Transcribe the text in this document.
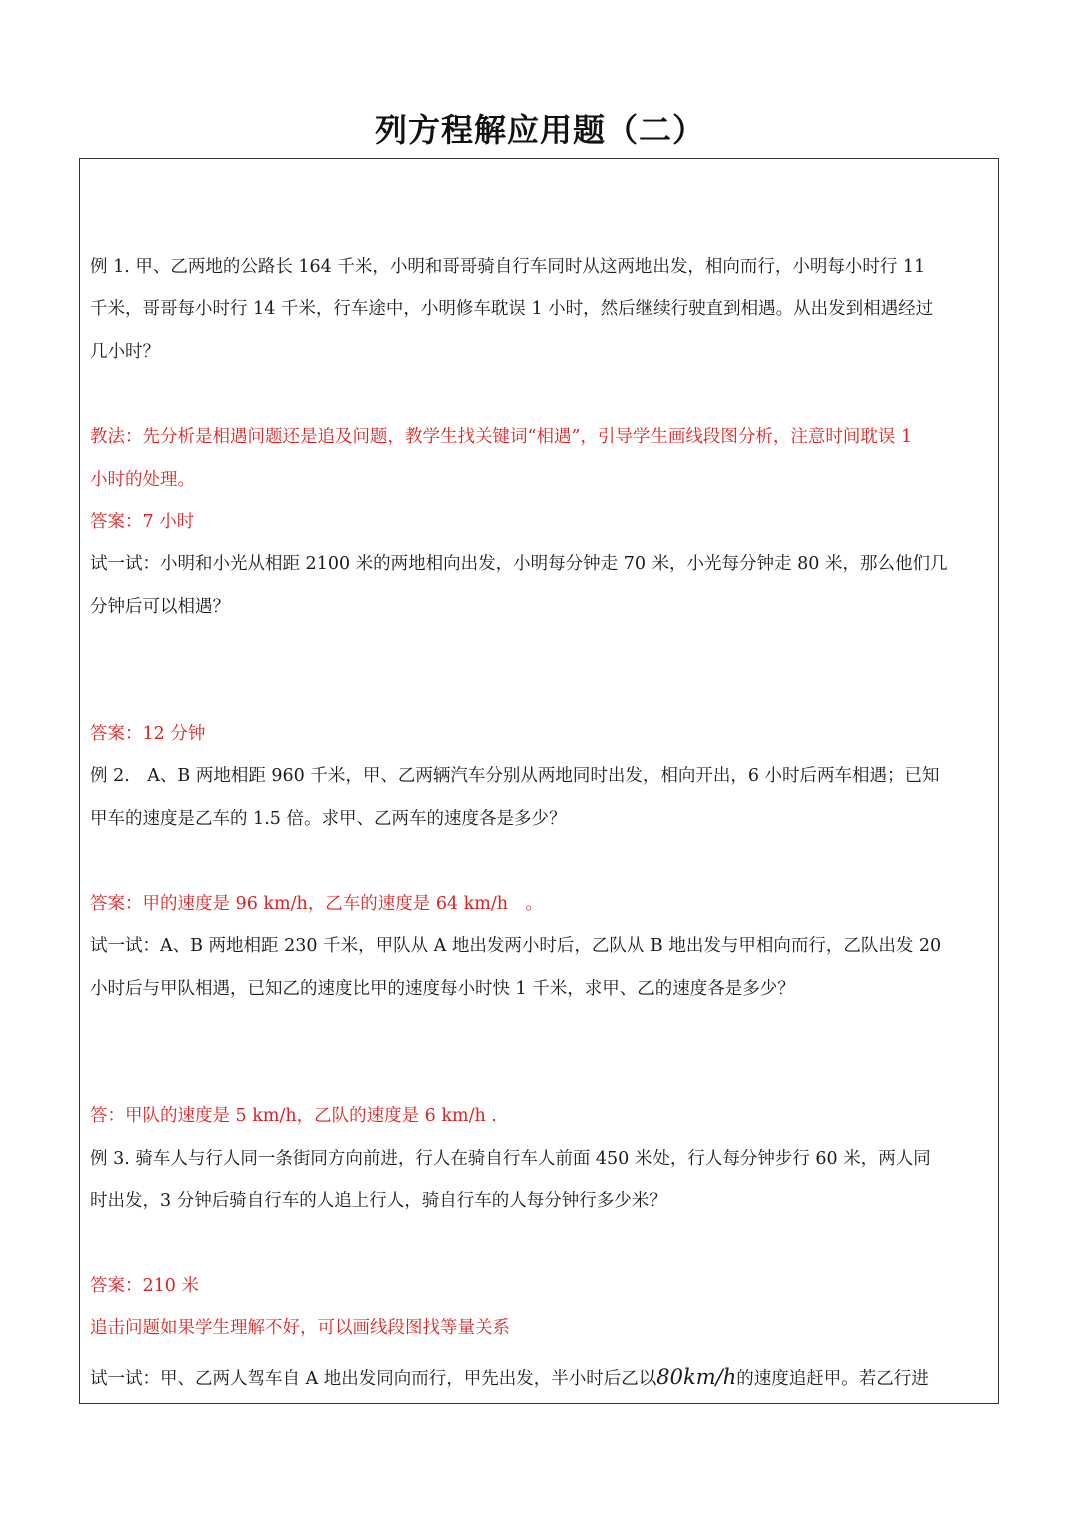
列方程解应用题（二）
例 1. 甲、乙两地的公路长 164 千米，小明和哥哥骑自行车同时从这两地出发，相向而行，小明每小时行 11
千米，哥哥每小时行 14 千米，行车途中，小明修车耽误 1 小时，然后继续行驶直到相遇。从出发到相遇经过
几小时？
教法：先分析是相遇问题还是追及问题，教学生找关键词“相遇”，引导学生画线段图分析，注意时间耽误 1
小时的处理。
答案：7 小时
试一试：小明和小光从相距 2100 米的两地相向出发，小明每分钟走 70 米，小光每分钟走 80 米，那么他们几
分钟后可以相遇？
答案：12 分钟
例 2.　A、B 两地相距 960 千米，甲、乙两辆汽车分别从两地同时出发，相向开出，6 小时后两车相遇；已知
甲车的速度是乙车的 1.5 倍。求甲、乙两车的速度各是多少？
答案：甲的速度是 96 km/h，乙车的速度是 64 km/h　。
试一试：A、B 两地相距 230 千米，甲队从 A 地出发两小时后，乙队从 B 地出发与甲相向而行，乙队出发 20
小时后与甲队相遇，已知乙的速度比甲的速度每小时快 1 千米，求甲、乙的速度各是多少？
答：甲队的速度是 5 km/h，乙队的速度是 6 km/h .
例 3. 骑车人与行人同一条街同方向前进，行人在骑自行车人前面 450 米处，行人每分钟步行 60 米，两人同
时出发，3 分钟后骑自行车的人追上行人，骑自行车的人每分钟行多少米？
答案：210 米
追击问题如果学生理解不好，可以画线段图找等量关系
试一试：甲、乙两人驾车自 A 地出发同向而行，甲先出发，半小时后乙以80km/h的速度追赶甲。若乙行进
